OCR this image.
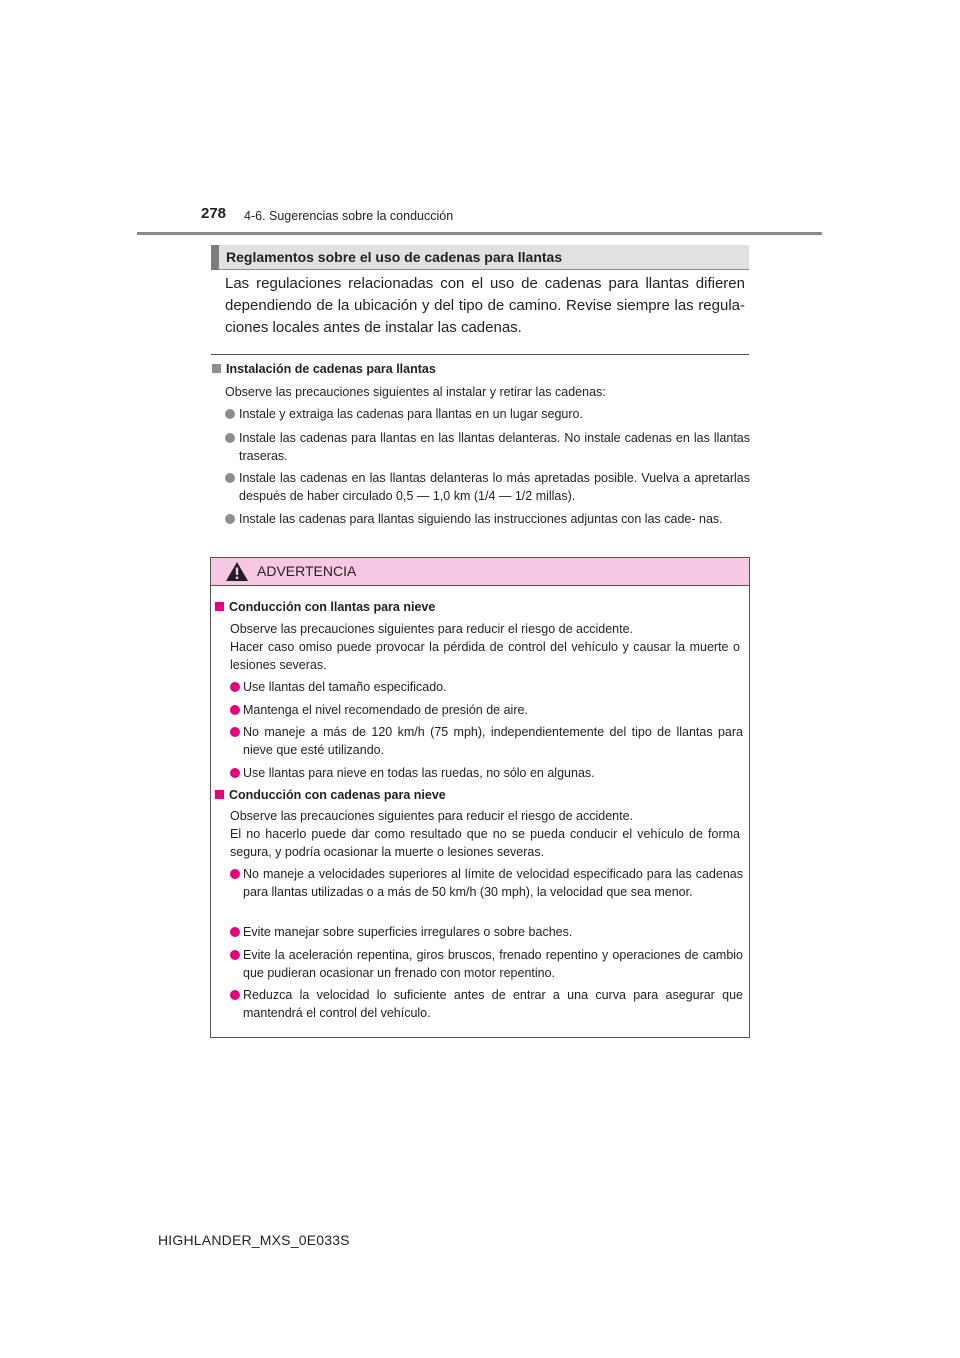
278 4-6. Sugerencias sobre la conducción
Reglamentos sobre el uso de cadenas para llantas
Las regulaciones relacionadas con el uso de cadenas para llantas difieren dependiendo de la ubicación y del tipo de camino. Revise siempre las regula- ciones locales antes de instalar las cadenas.
Instalación de cadenas para llantas
Observe las precauciones siguientes al instalar y retirar las cadenas:
Instale y extraiga las cadenas para llantas en un lugar seguro.
Instale las cadenas para llantas en las llantas delanteras. No instale cadenas en las llantas traseras.
Instale las cadenas en las llantas delanteras lo más apretadas posible. Vuelva a apretarlas después de haber circulado 0,5 — 1,0 km (1/4 — 1/2 millas).
Instale las cadenas para llantas siguiendo las instrucciones adjuntas con las cade- nas.
ADVERTENCIA
Conducción con llantas para nieve
Observe las precauciones siguientes para reducir el riesgo de accidente.
Hacer caso omiso puede provocar la pérdida de control del vehículo y causar la muerte o lesiones severas.
Use llantas del tamaño especificado.
Mantenga el nivel recomendado de presión de aire.
No maneje a más de 120 km/h (75 mph), independientemente del tipo de llantas para nieve que esté utilizando.
Use llantas para nieve en todas las ruedas, no sólo en algunas.
Conducción con cadenas para nieve
Observe las precauciones siguientes para reducir el riesgo de accidente.
El no hacerlo puede dar como resultado que no se pueda conducir el vehículo de forma segura, y podría ocasionar la muerte o lesiones severas.
No maneje a velocidades superiores al límite de velocidad especificado para las cadenas para llantas utilizadas o a más de 50 km/h (30 mph), la velocidad que sea menor.
Evite manejar sobre superficies irregulares o sobre baches.
Evite la aceleración repentina, giros bruscos, frenado repentino y operaciones de cambio que pudieran ocasionar un frenado con motor repentino.
Reduzca la velocidad lo suficiente antes de entrar a una curva para asegurar que mantendrá el control del vehículo.
HIGHLANDER_MXS_0E033S
